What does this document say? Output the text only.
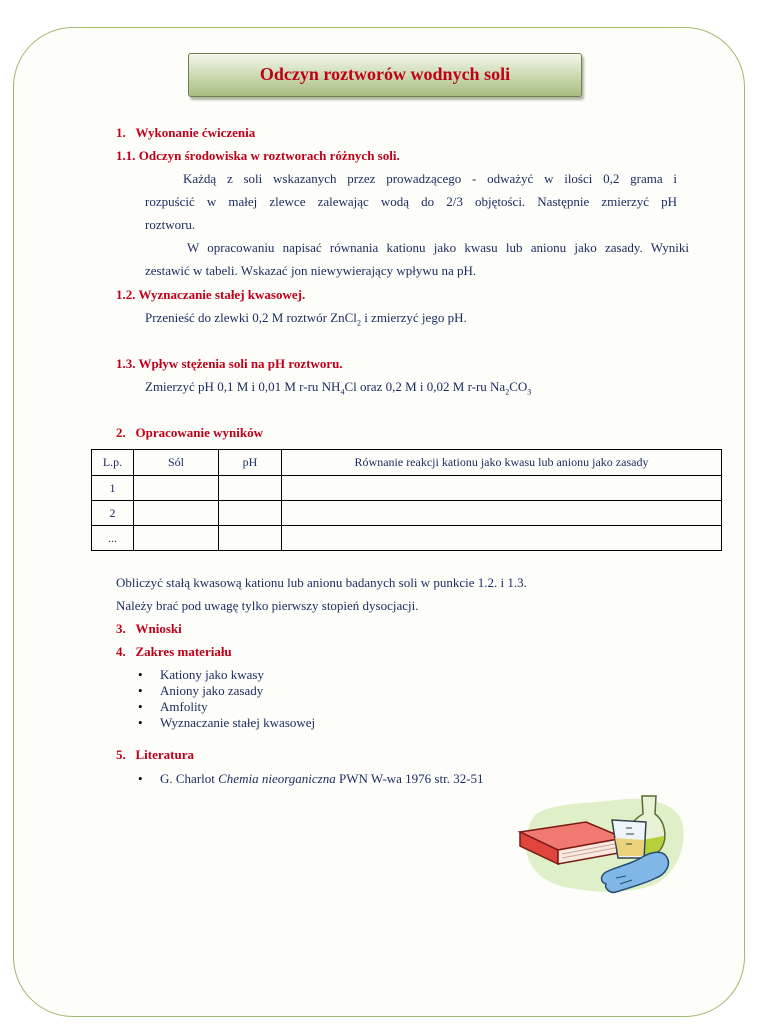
Odczyn roztworów wodnych soli
1.   Wykonanie ćwiczenia
1.1. Odczyn środowiska w roztworach różnych soli.
Każdą z soli wskazanych przez prowadzącego - odważyć w ilości 0,2 grama i
rozpuścić w małej zlewce zalewając wodą do 2/3 objętości. Następnie zmierzyć pH
roztworu.
W opracowaniu napisać równania kationu jako kwasu lub anionu jako zasady. Wyniki
zestawić w tabeli. Wskazać jon niewywierający wpływu na pH.
1.2. Wyznaczanie stałej kwasowej.
Przenieść do zlewki 0,2 M roztwór ZnCl$_2$ i zmierzyć jego pH.
1.3. Wpływ stężenia soli na pH roztworu.
Zmierzyć pH 0,1 M i 0,01 M r-ru $NH_4Cl$ oraz 0,2 M i 0,02 M r-ru $Na_2CO_3$
2.   Opracowanie wyników
L.p.	Sól	pH	Równanie reakcji kationu jako kwasu lub anionu jako zasady
1			
2			
...			
Obliczyć stałą kwasową kationu lub anionu badanych soli w punkcie 1.2. i 1.3.
Należy brać pod uwagę tylko pierwszy stopień dysocjacji.
3.   Wnioski
4.   Zakres materiału
• Kationy jako kwasy
• Aniony jako zasady
• Amfolity
• Wyznaczanie stałej kwasowej
5.   Literatura
• G. Charlot Chemia nieorganiczna PWN W-wa 1976 str. 32-51
